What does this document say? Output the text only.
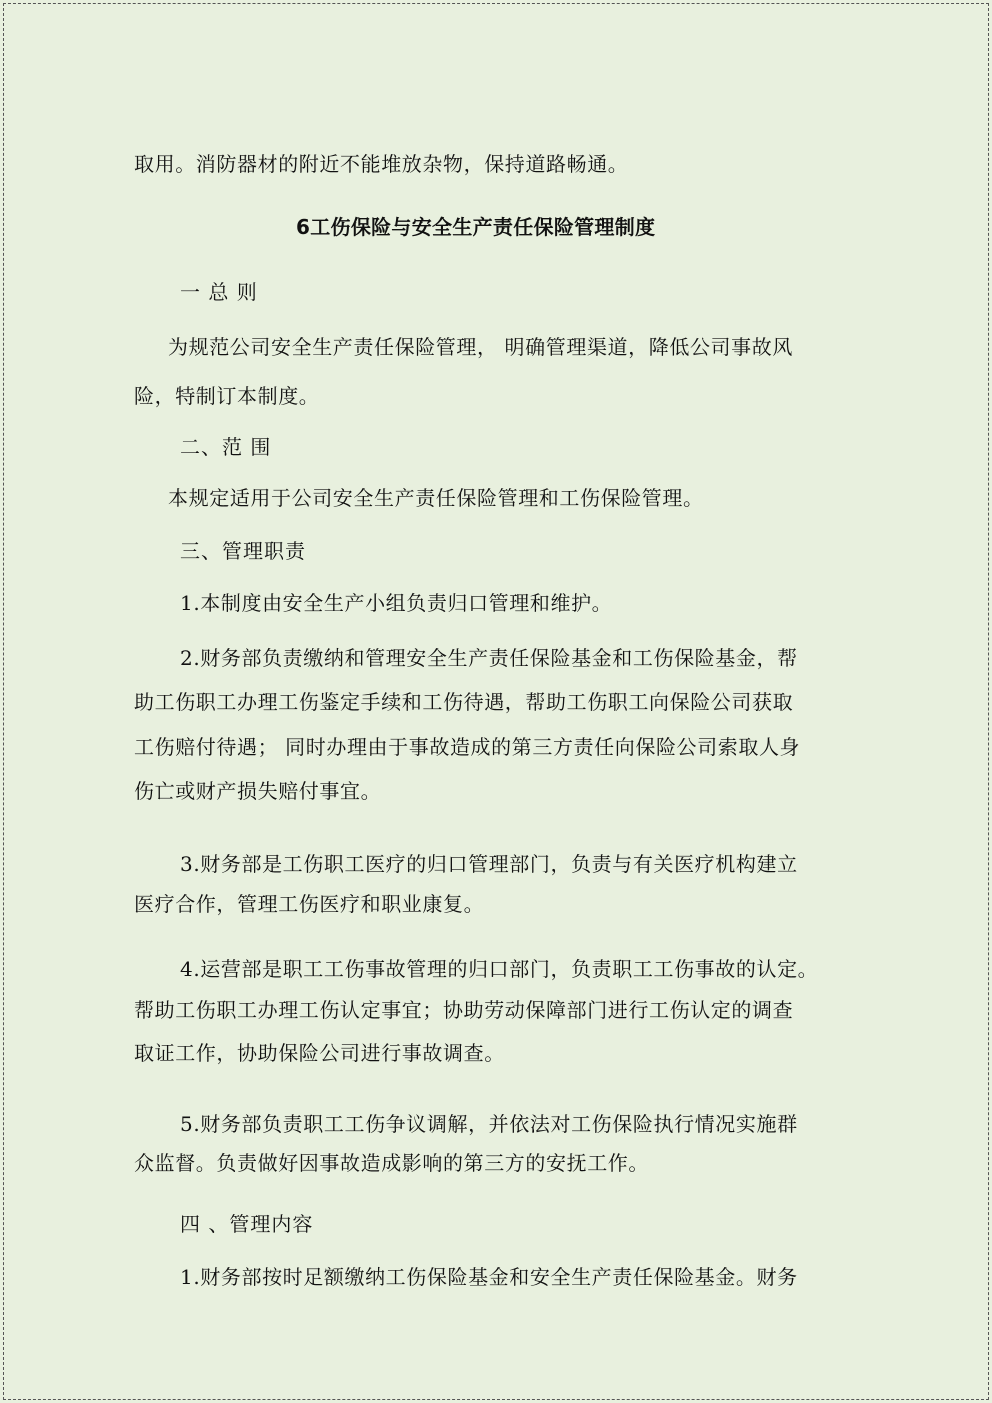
取用。消防器材的附近不能堆放杂物，保持道路畅通。
6工伤保险与安全生产责任保险管理制度
一 总 则
为规范公司安全生产责任保险管理， 明确管理渠道，降低公司事故风
险，特制订本制度。
二、范 围
本规定适用于公司安全生产责任保险管理和工伤保险管理。
三、管理职责
1.本制度由安全生产小组负责归口管理和维护。
2.财务部负责缴纳和管理安全生产责任保险基金和工伤保险基金，帮
助工伤职工办理工伤鉴定手续和工伤待遇，帮助工伤职工向保险公司获取
工伤赔付待遇； 同时办理由于事故造成的第三方责任向保险公司索取人身
伤亡或财产损失赔付事宜。
3.财务部是工伤职工医疗的归口管理部门，负责与有关医疗机构建立
医疗合作，管理工伤医疗和职业康复。
4.运营部是职工工伤事故管理的归口部门，负责职工工伤事故的认定。
帮助工伤职工办理工伤认定事宜；协助劳动保障部门进行工伤认定的调查
取证工作，协助保险公司进行事故调查。
5.财务部负责职工工伤争议调解，并依法对工伤保险执行情况实施群
众监督。负责做好因事故造成影响的第三方的安抚工作。
四 、管理内容
1.财务部按时足额缴纳工伤保险基金和安全生产责任保险基金。财务
